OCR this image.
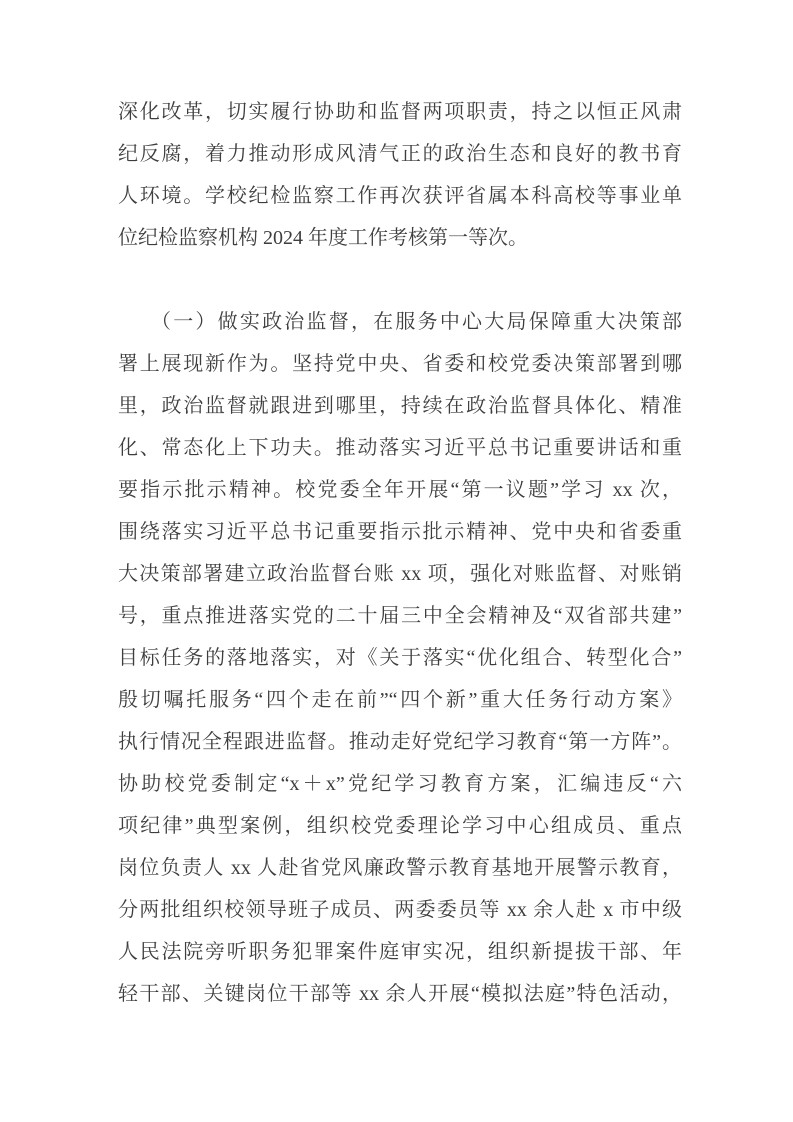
深化改革，切实履行协助和监督两项职责，持之以恒正风肃
纪反腐，着力推动形成风清气正的政治生态和良好的教书育
人环境。学校纪检监察工作再次获评省属本科高校等事业单
位纪检监察机构 2024 年度工作考核第一等次。
（一）做实政治监督，在服务中心大局保障重大决策部
署上展现新作为。坚持党中央、省委和校党委决策部署到哪
里，政治监督就跟进到哪里，持续在政治监督具体化、精准
化、常态化上下功夫。推动落实习近平总书记重要讲话和重
要指示批示精神。校党委全年开展“第一议题”学习 xx 次，
围绕落实习近平总书记重要指示批示精神、党中央和省委重
大决策部署建立政治监督台账 xx 项，强化对账监督、对账销
号，重点推进落实党的二十届三中全会精神及“双省部共建”
目标任务的落地落实，对《关于落实“优化组合、转型化合”
殷切嘱托服务“四个走在前”“四个新”重大任务行动方案》
执行情况全程跟进监督。推动走好党纪学习教育“第一方阵”。
协助校党委制定“x＋x”党纪学习教育方案，汇编违反“六
项纪律”典型案例，组织校党委理论学习中心组成员、重点
岗位负责人 xx 人赴省党风廉政警示教育基地开展警示教育，
分两批组织校领导班子成员、两委委员等 xx 余人赴 x 市中级
人民法院旁听职务犯罪案件庭审实况，组织新提拔干部、年
轻干部、关键岗位干部等 xx 余人开展“模拟法庭”特色活动，
